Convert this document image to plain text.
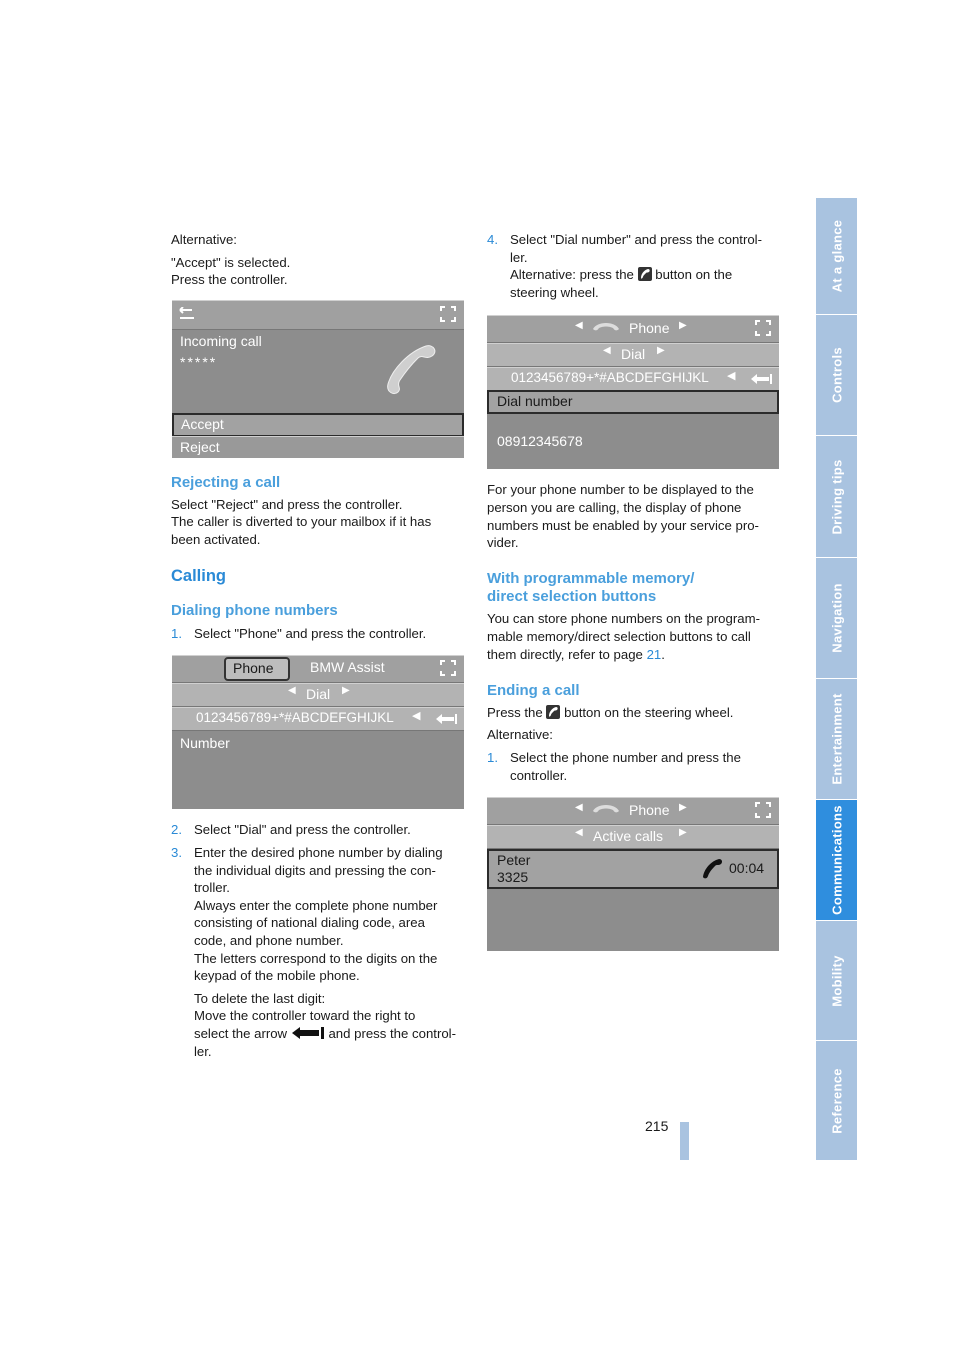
At a glance
Controls
Driving tips
Navigation
Entertainment
Communications
Mobility
Reference
215
Alternative:
"Accept" is selected.
Press the controller.
Incoming call
*****
Accept
Reject
Rejecting a call
Select "Reject" and press the controller.
The caller is diverted to your mailbox if it has
been activated.
Calling
Dialing phone numbers
1. Select "Phone" and press the controller.
Phone	BMW Assist
◀ Dial ▶
0123456789+*#ABCDEFGHIJKL ◀
Number
2. Select "Dial" and press the controller.
3. Enter the desired phone number by dialing
the individual digits and pressing the con-
troller.
Always enter the complete phone number
consisting of national dialing code, area
code, and phone number.
The letters correspond to the digits on the
keypad of the mobile phone.
To delete the last digit:
Move the controller toward the right to
select the arrow	and press the control-
ler.
4. Select "Dial number" and press the control-
ler.
Alternative: press the button on the
steering wheel.
◀	Phone ▶
◀ Dial ▶
0123456789+*#ABCDEFGHIJKL ◀
Dial number
08912345678
For your phone number to be displayed to the
person you are calling, the display of phone
numbers must be enabled by your service pro-
vider.
With programmable memory/
direct selection buttons
You can store phone numbers on the program-
mable memory/direct selection buttons to call
them directly, refer to page 21.
Ending a call
Press the button on the steering wheel.
Alternative:
1. Select the phone number and press the
controller.
◀	Phone ▶
◀ Active calls ▶
Peter
3325
00:04
